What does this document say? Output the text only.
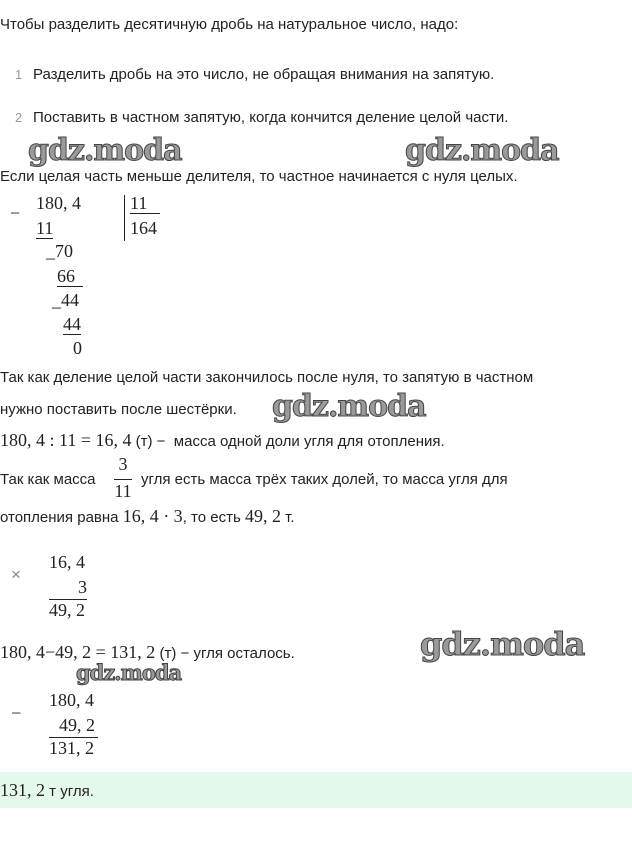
Чтобы разделить десятичную дробь на натуральное число, надо:
1 Разделить дробь на это число, не обращая внимания на запятую.
2 Поставить в частном запятую, когда кончится деление целой части.
gdz.moda	gdz.moda
Если целая часть меньше делителя, то частное начинается с нуля целых.
− 180, 4
11
11
164
_70
66
_44
44
0
Так как деление целой части закончилось после нуля, то запятую в частном
нужно поставить после шестёрки. gdz.moda
180, 4 : 11 = 16, 4 (т) − масса одной доли угля для отопления.
Так как масса
3
11
угля есть масса трёх таких долей, то масса угля для
отопления равна 16, 4 · 3, то есть 49, 2 т.
×
16, 4
3
49, 2
180, 4−49, 2 = 131, 2 (т) − угля осталось.	gdz.moda
gdz.moda
−
180, 4
49, 2
131, 2
131, 2 т угля.
